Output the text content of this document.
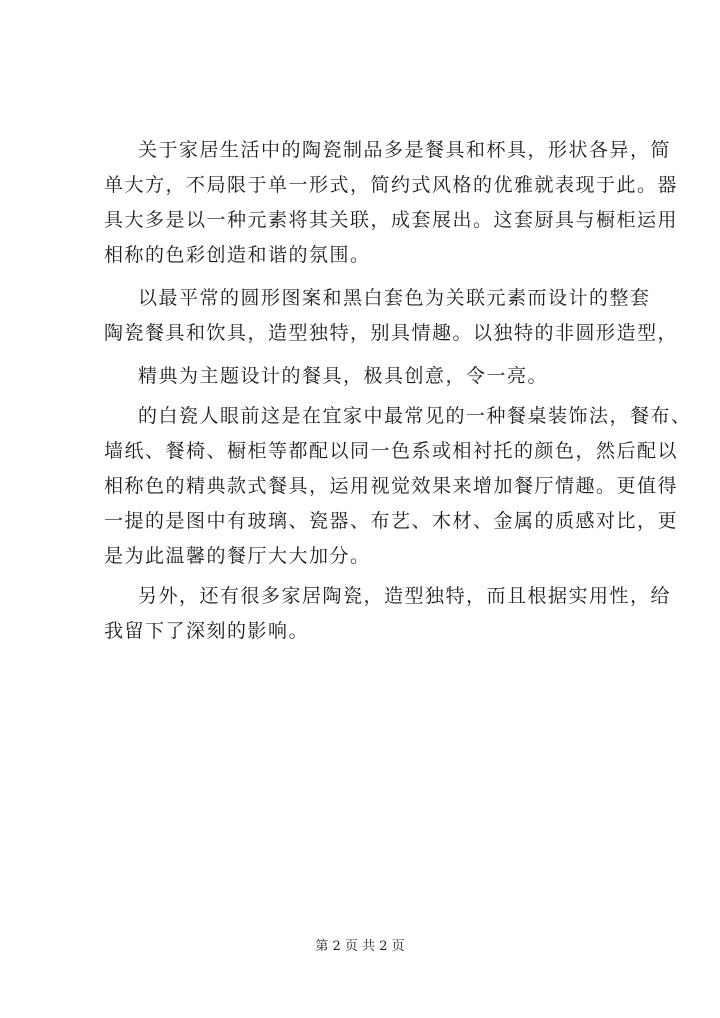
关于家居生活中的陶瓷制品多是餐具和杯具，形状各异，简
单大方，不局限于单一形式，简约式风格的优雅就表现于此。器
具大多是以一种元素将其关联，成套展出。这套厨具与橱柜运用
相称的色彩创造和谐的氛围。
以最平常的圆形图案和黑白套色为关联元素而设计的整套
陶瓷餐具和饮具，造型独特，别具情趣。以独特的非圆形造型，
精典为主题设计的餐具，极具创意，令一亮。
的白瓷人眼前这是在宜家中最常见的一种餐桌装饰法，餐布、
墙纸、餐椅、橱柜等都配以同一色系或相衬托的颜色，然后配以
相称色的精典款式餐具，运用视觉效果来增加餐厅情趣。更值得
一提的是图中有玻璃、瓷器、布艺、木材、金属的质感对比，更
是为此温馨的餐厅大大加分。
另外，还有很多家居陶瓷，造型独特，而且根据实用性，给
我留下了深刻的影响。
第 2 页 共 2 页
